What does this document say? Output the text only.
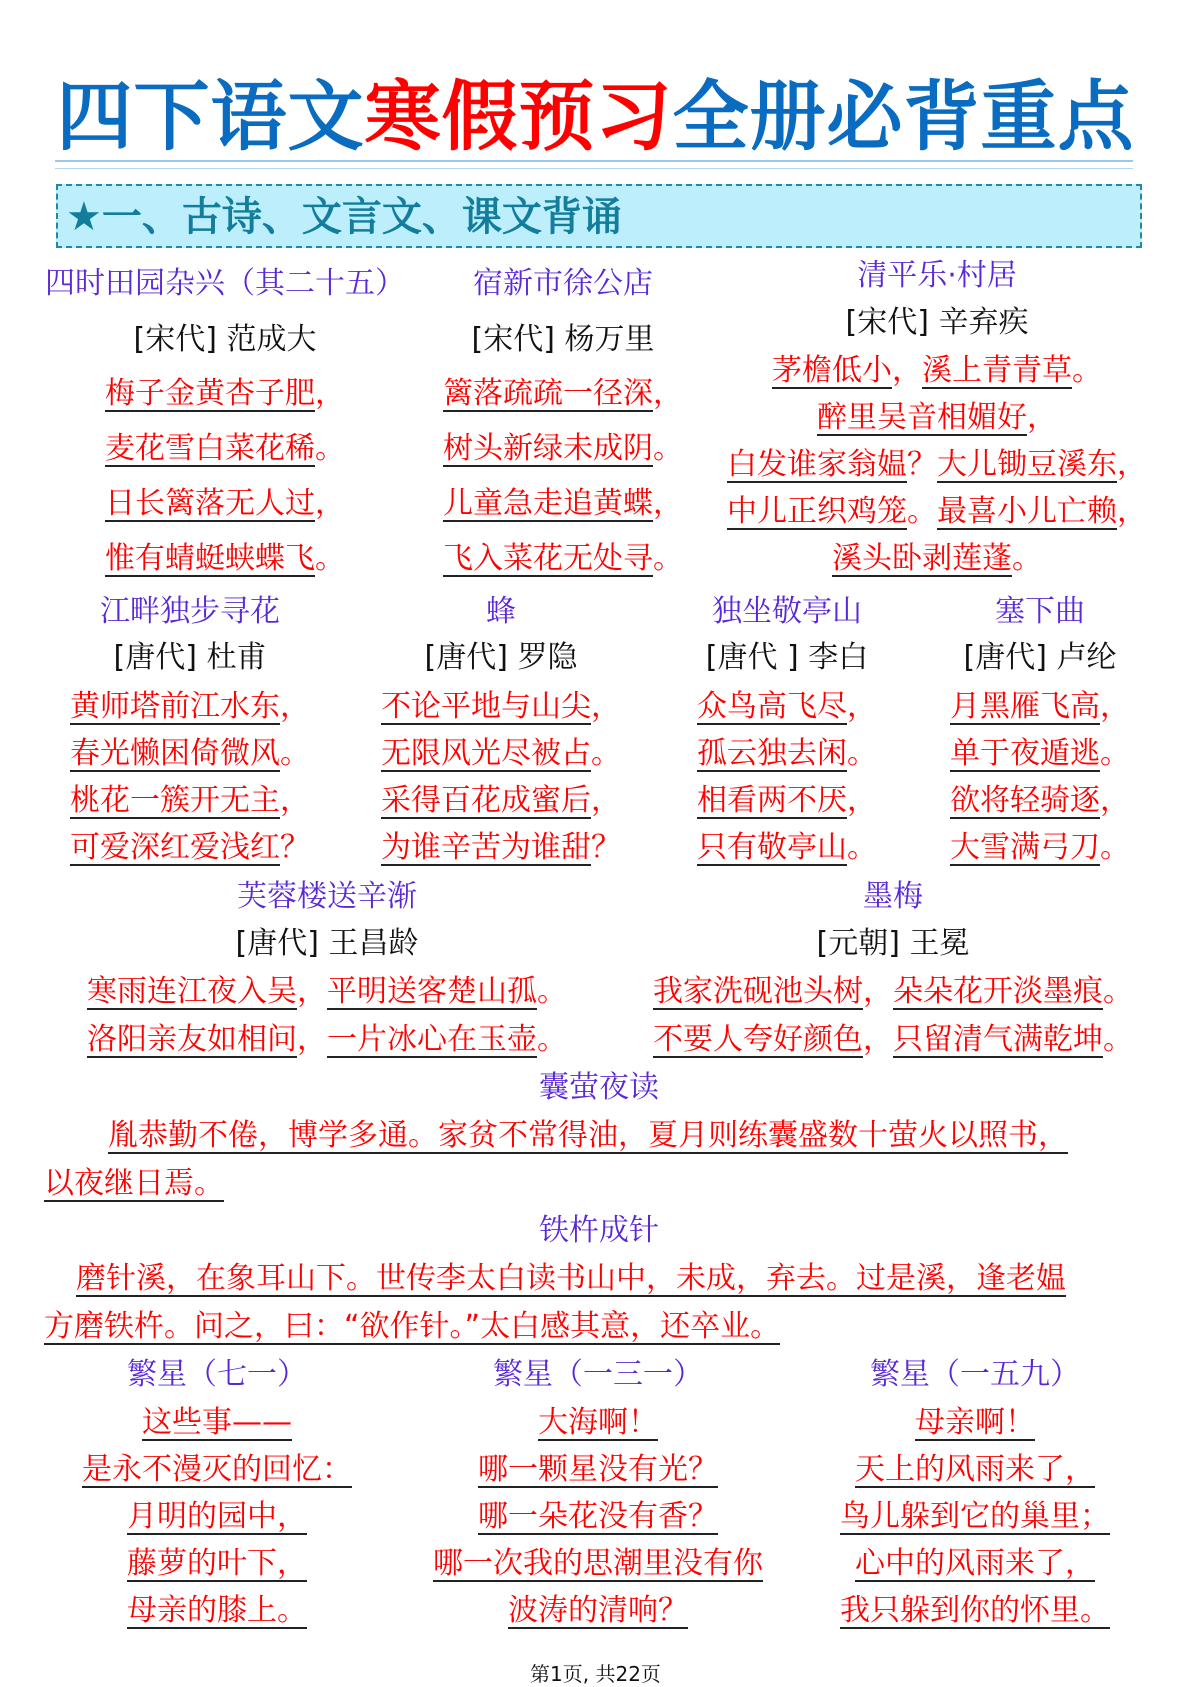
四下语文寒假预习全册必背重点
★一、古诗、文言文、课文背诵
四时田园杂兴（其二十五）
[宋代] 范成大
梅子金黄杏子肥，
麦花雪白菜花稀。
日长篱落无人过，
惟有蜻蜓蛱蝶飞。
宿新市徐公店
[宋代] 杨万里
篱落疏疏一径深，
树头新绿未成阴。
儿童急走追黄蝶，
飞入菜花无处寻。
清平乐·村居
[宋代] 辛弃疾
茅檐低小，溪上青青草。
醉里吴音相媚好，
白发谁家翁媪？大儿锄豆溪东，
中儿正织鸡笼。最喜小儿亡赖，
溪头卧剥莲蓬。
江畔独步寻花
[唐代] 杜甫
黄师塔前江水东，
春光懒困倚微风。
桃花一簇开无主，
可爱深红爱浅红？
蜂
[唐代] 罗隐
不论平地与山尖，
无限风光尽被占。
采得百花成蜜后，
为谁辛苦为谁甜？
独坐敬亭山
[唐代 ] 李白
众鸟高飞尽，
孤云独去闲。
相看两不厌，
只有敬亭山。
塞下曲
[唐代] 卢纶
月黑雁飞高，
单于夜遁逃。
欲将轻骑逐，
大雪满弓刀。
芙蓉楼送辛渐
[唐代] 王昌龄
寒雨连江夜入吴，平明送客楚山孤。
洛阳亲友如相问，一片冰心在玉壶。
墨梅
[元朝] 王冕
我家洗砚池头树，朵朵花开淡墨痕。
不要人夸好颜色，只留清气满乾坤。
囊萤夜读
胤恭勤不倦，博学多通。家贫不常得油，夏月则练囊盛数十萤火以照书，
以夜继日焉。
铁杵成针
磨针溪，在象耳山下。世传李太白读书山中，未成，弃去。过是溪，逢老媪
方磨铁杵。问之，曰：“欲作针。”太白感其意，还卒业。
繁星（七一）
这些事——
是永不漫灭的回忆：
月明的园中，
藤萝的叶下，
母亲的膝上。
繁星（一三一）
大海啊！
哪一颗星没有光？
哪一朵花没有香？
哪一次我的思潮里没有你
波涛的清响？
繁星（一五九）
母亲啊！
天上的风雨来了，
鸟儿躲到它的巢里；
心中的风雨来了，
我只躲到你的怀里。
第1页, 共22页
